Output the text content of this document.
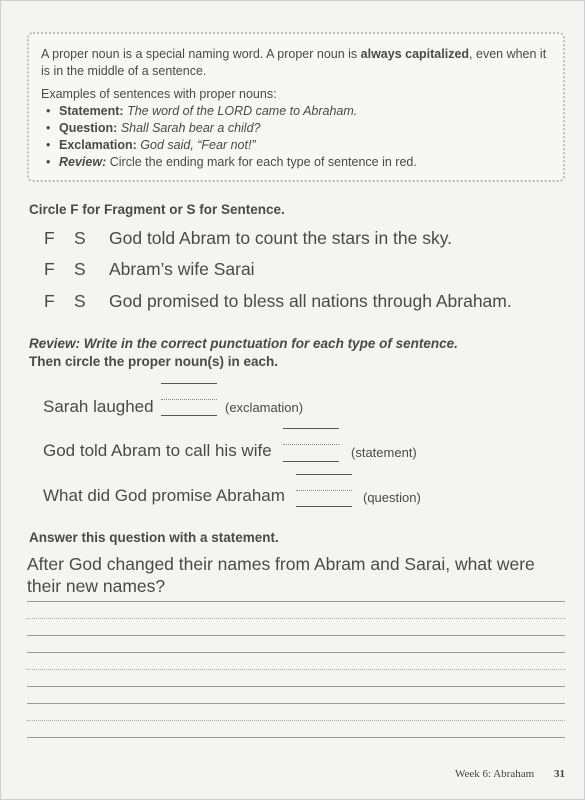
A proper noun is a special naming word. A proper noun is always capitalized, even when it is in the middle of a sentence.

Examples of sentences with proper nouns:

• Statement: The word of the LORD came to Abraham.
• Question: Shall Sarah bear a child?
• Exclamation: God said, “Fear not!”
• Review: Circle the ending mark for each type of sentence in red.
Circle F for Fragment or S for Sentence.
F	S	God told Abram to count the stars in the sky.
F	S	Abram’s wife Sarai
F	S	God promised to bless all nations through Abraham.
Review: Write in the correct punctuation for each type of sentence.
Then circle the proper noun(s) in each.
Sarah laughed	(exclamation)
God told Abram to call his wife	(statement)
What did God promise Abraham	(question)
Answer this question with a statement.
After God changed their names from Abram and Sarai, what were their new names?
Week 6: Abraham 31
